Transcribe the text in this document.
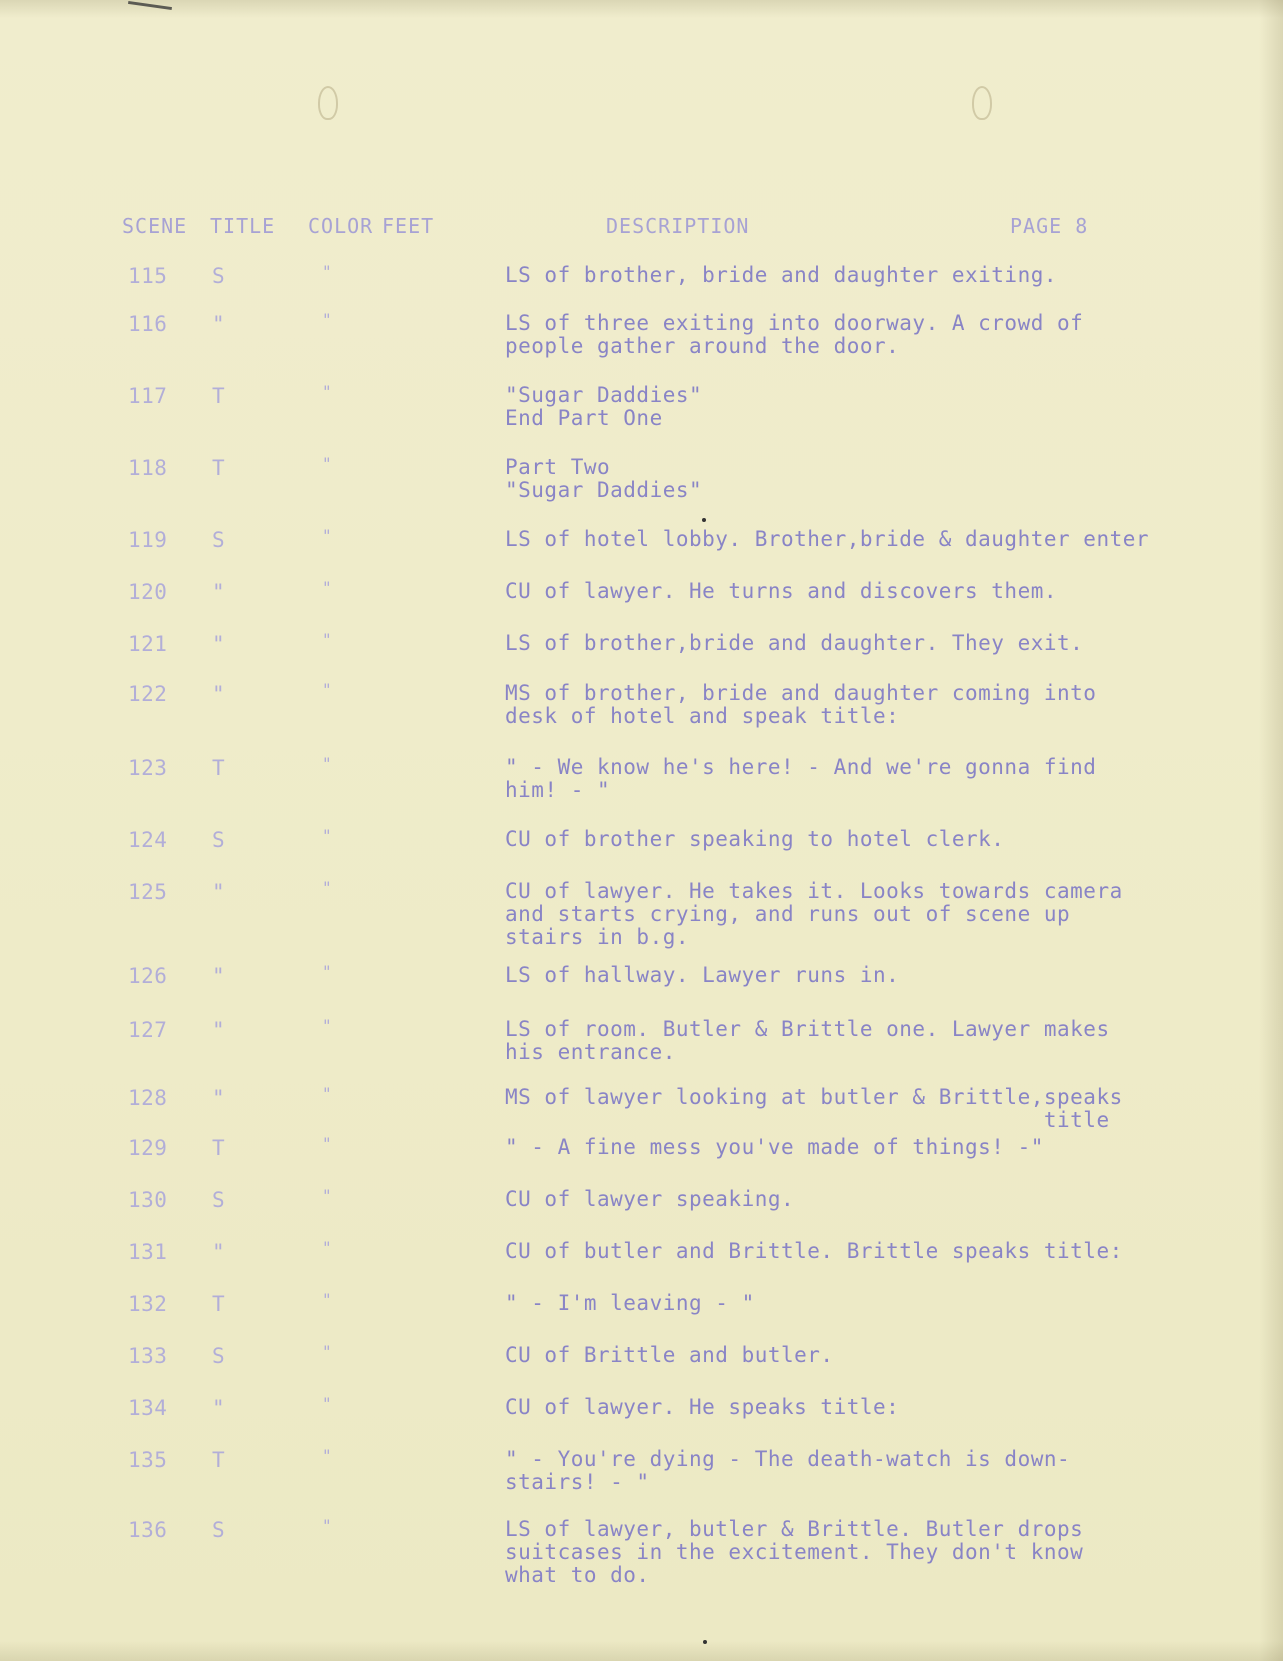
SCENE TITLE COLOR FEET	DESCRIPTION	PAGE 8
115 S	"	LS of brother, bride and daughter exiting.
116 "	"	LS of three exiting into doorway. A crowd of
people gather around the door.
117 T	"	"Sugar Daddies"
End Part One
118 T	"	Part Two
"Sugar Daddies"
119 S	"	LS of hotel lobby. Brother,bride & daughter enter
120 "	"	CU of lawyer. He turns and discovers them.
121 "	"	LS of brother,bride and daughter. They exit.
122 "	"	MS of brother, bride and daughter coming into
desk of hotel and speak title:
123 T	"	" - We know he's here! - And we're gonna find
him! - "
124 S	"	CU of brother speaking to hotel clerk.
125 "	"	CU of lawyer. He takes it. Looks towards camera
and starts crying, and runs out of scene up
stairs in b.g.
126 "	"	LS of hallway. Lawyer runs in.
127 "	"	LS of room. Butler & Brittle one. Lawyer makes
his entrance.
128 "	"	MS of lawyer looking at butler & Brittle,speaks
title
129 T	"	" - A fine mess you've made of things! -"
130 S	"	CU of lawyer speaking.
131 "	"	CU of butler and Brittle. Brittle speaks title:
132 T	"	" - I'm leaving - "
133 S	"	CU of Brittle and butler.
134 "	"	CU of lawyer. He speaks title:
135 T	"	" - You're dying - The death-watch is down-
stairs! - "
136 S	"	LS of lawyer, butler & Brittle. Butler drops
suitcases in the excitement. They don't know
what to do.
